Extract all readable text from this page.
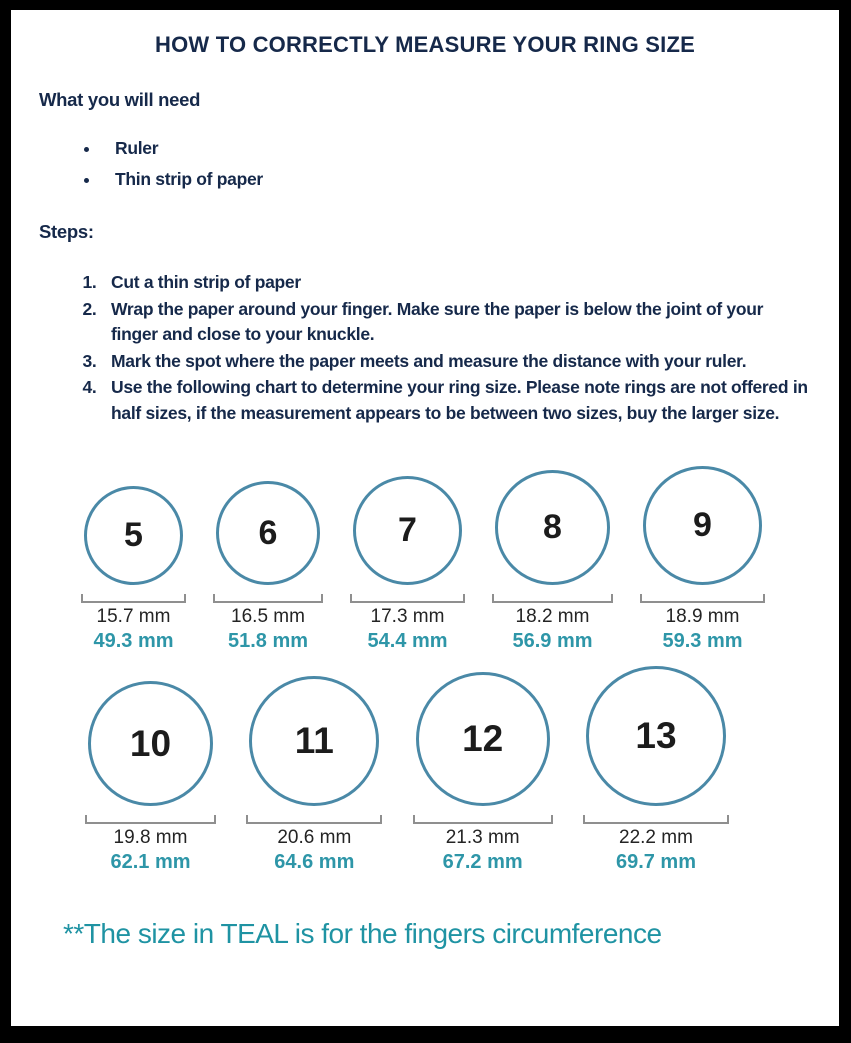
HOW TO CORRECTLY MEASURE YOUR RING SIZE
What you will need
• Ruler
• Thin strip of paper
Steps:
1. Cut a thin strip of paper
2. Wrap the paper around your finger. Make sure the paper is below the joint of your finger and close to your knuckle.
3. Mark the spot where the paper meets and measure the distance with your ruler.
4. Use the following chart to determine your ring size. Please note rings are not offered in half sizes, if the measurement appears to be between two sizes, buy the larger size.
5
15.7 mm
49.3 mm
6
16.5 mm
51.8 mm
7
17.3 mm
54.4 mm
8
18.2 mm
56.9 mm
9
18.9 mm
59.3 mm
10
19.8 mm
62.1 mm
11
20.6 mm
64.6 mm
12
21.3 mm
67.2 mm
13
22.2 mm
69.7 mm
**The size in TEAL is for the fingers circumference
